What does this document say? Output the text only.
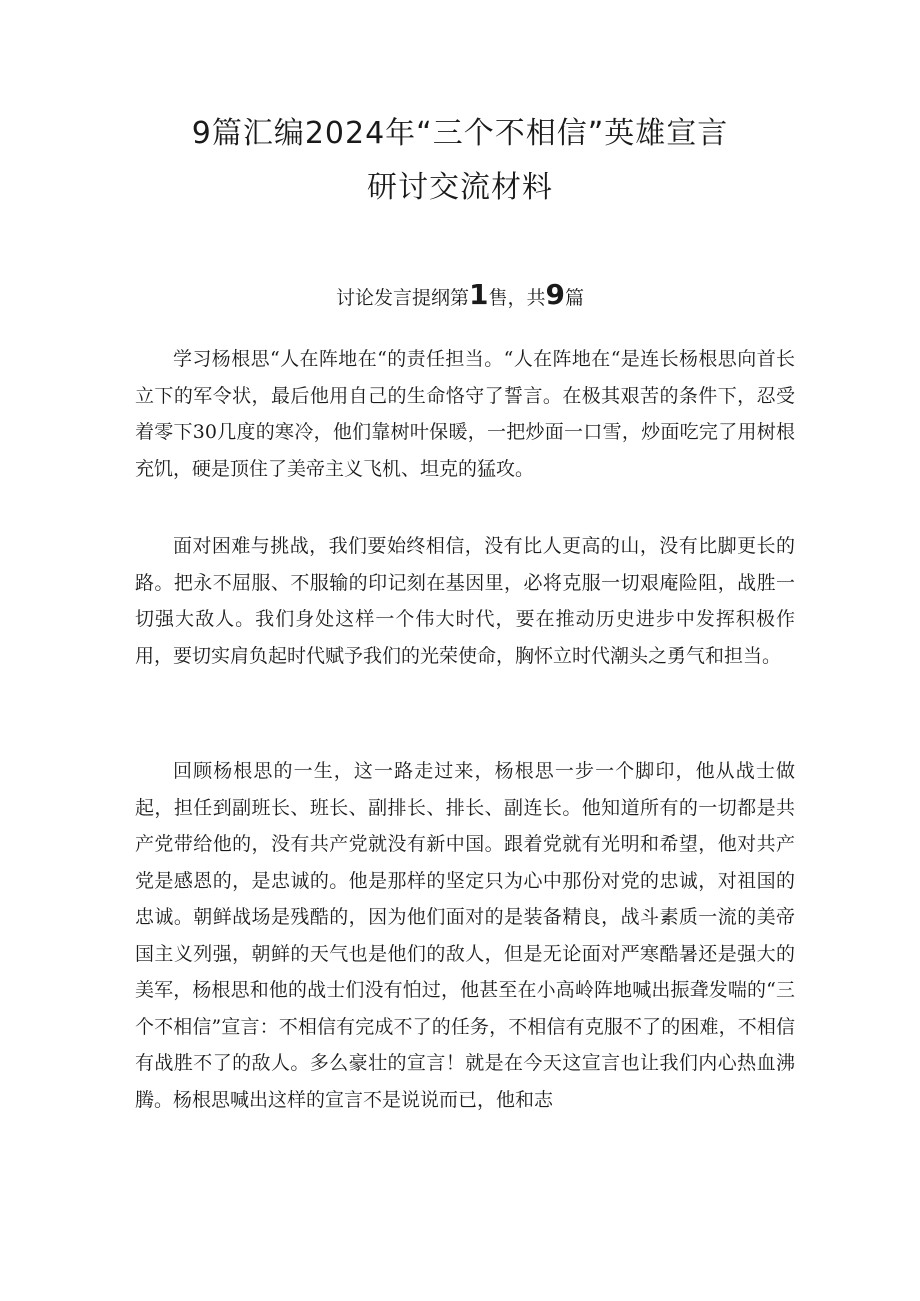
9篇汇编2024年“三个不相信”英雄宣言
研讨交流材料
讨论发言提纲第1售，共9篇

学习杨根思“人在阵地在“的责任担当。“人在阵地在“是连长杨根思向首长立下的军令状，最后他用自己的生命恪守了誓言。在极其艰苦的条件下，忍受着零下30几度的寒冷，他们靠树叶保暖，一把炒面一口雪，炒面吃完了用树根充饥，硬是顶住了美帝主义飞机、坦克的猛攻。

面对困难与挑战，我们要始终相信，没有比人更高的山，没有比脚更长的路。把永不屈服、不服输的印记刻在基因里，必将克服一切艰庵险阻，战胜一切强大敌人。我们身处这样一个伟大时代，要在推动历史进步中发挥积极作用，要切实肩负起时代赋予我们的光荣使命，胸怀立时代潮头之勇气和担当。

回顾杨根思的一生，这一路走过来，杨根思一步一个脚印，他从战士做起，担任到副班长、班长、副排长、排长、副连长。他知道所有的一切都是共产党带给他的，没有共产党就没有新中国。跟着党就有光明和希望，他对共产党是感恩的，是忠诚的。他是那样的坚定只为心中那份对党的忠诚，对祖国的忠诚。朝鲜战场是残酷的，因为他们面对的是装备精良，战斗素质一流的美帝国主义列强，朝鲜的天气也是他们的敌人，但是无论面对严寒酷暑还是强大的美军，杨根思和他的战士们没有怕过，他甚至在小高岭阵地喊出振聋发喘的“三个不相信”宣言：不相信有完成不了的任务，不相信有克服不了的困难，不相信有战胜不了的敌人。多么豪壮的宣言！就是在今天这宣言也让我们内心热血沸腾。杨根思喊出这样的宣言不是说说而已，他和志
